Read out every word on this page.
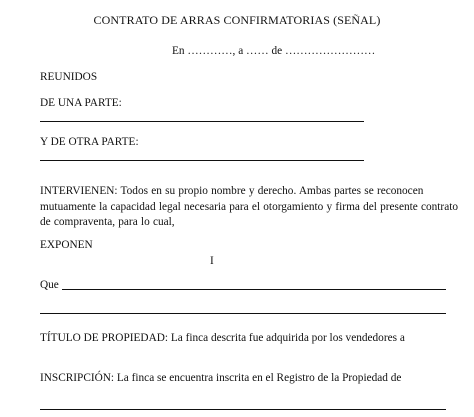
CONTRATO DE ARRAS CONFIRMATORIAS (SEÑAL)
En …………, a …… de ……………………
REUNIDOS
DE UNA PARTE:
Y DE OTRA PARTE:
INTERVIENEN: Todos en su propio nombre y derecho. Ambas partes se reconocen mutuamente la capacidad legal necesaria para el otorgamiento y firma del presente contrato de compraventa, para lo cual,
EXPONEN
I
Que
TÍTULO DE PROPIEDAD: La finca descrita fue adquirida por los vendedores a
INSCRIPCIÓN: La finca se encuentra inscrita en el Registro de la Propiedad de
